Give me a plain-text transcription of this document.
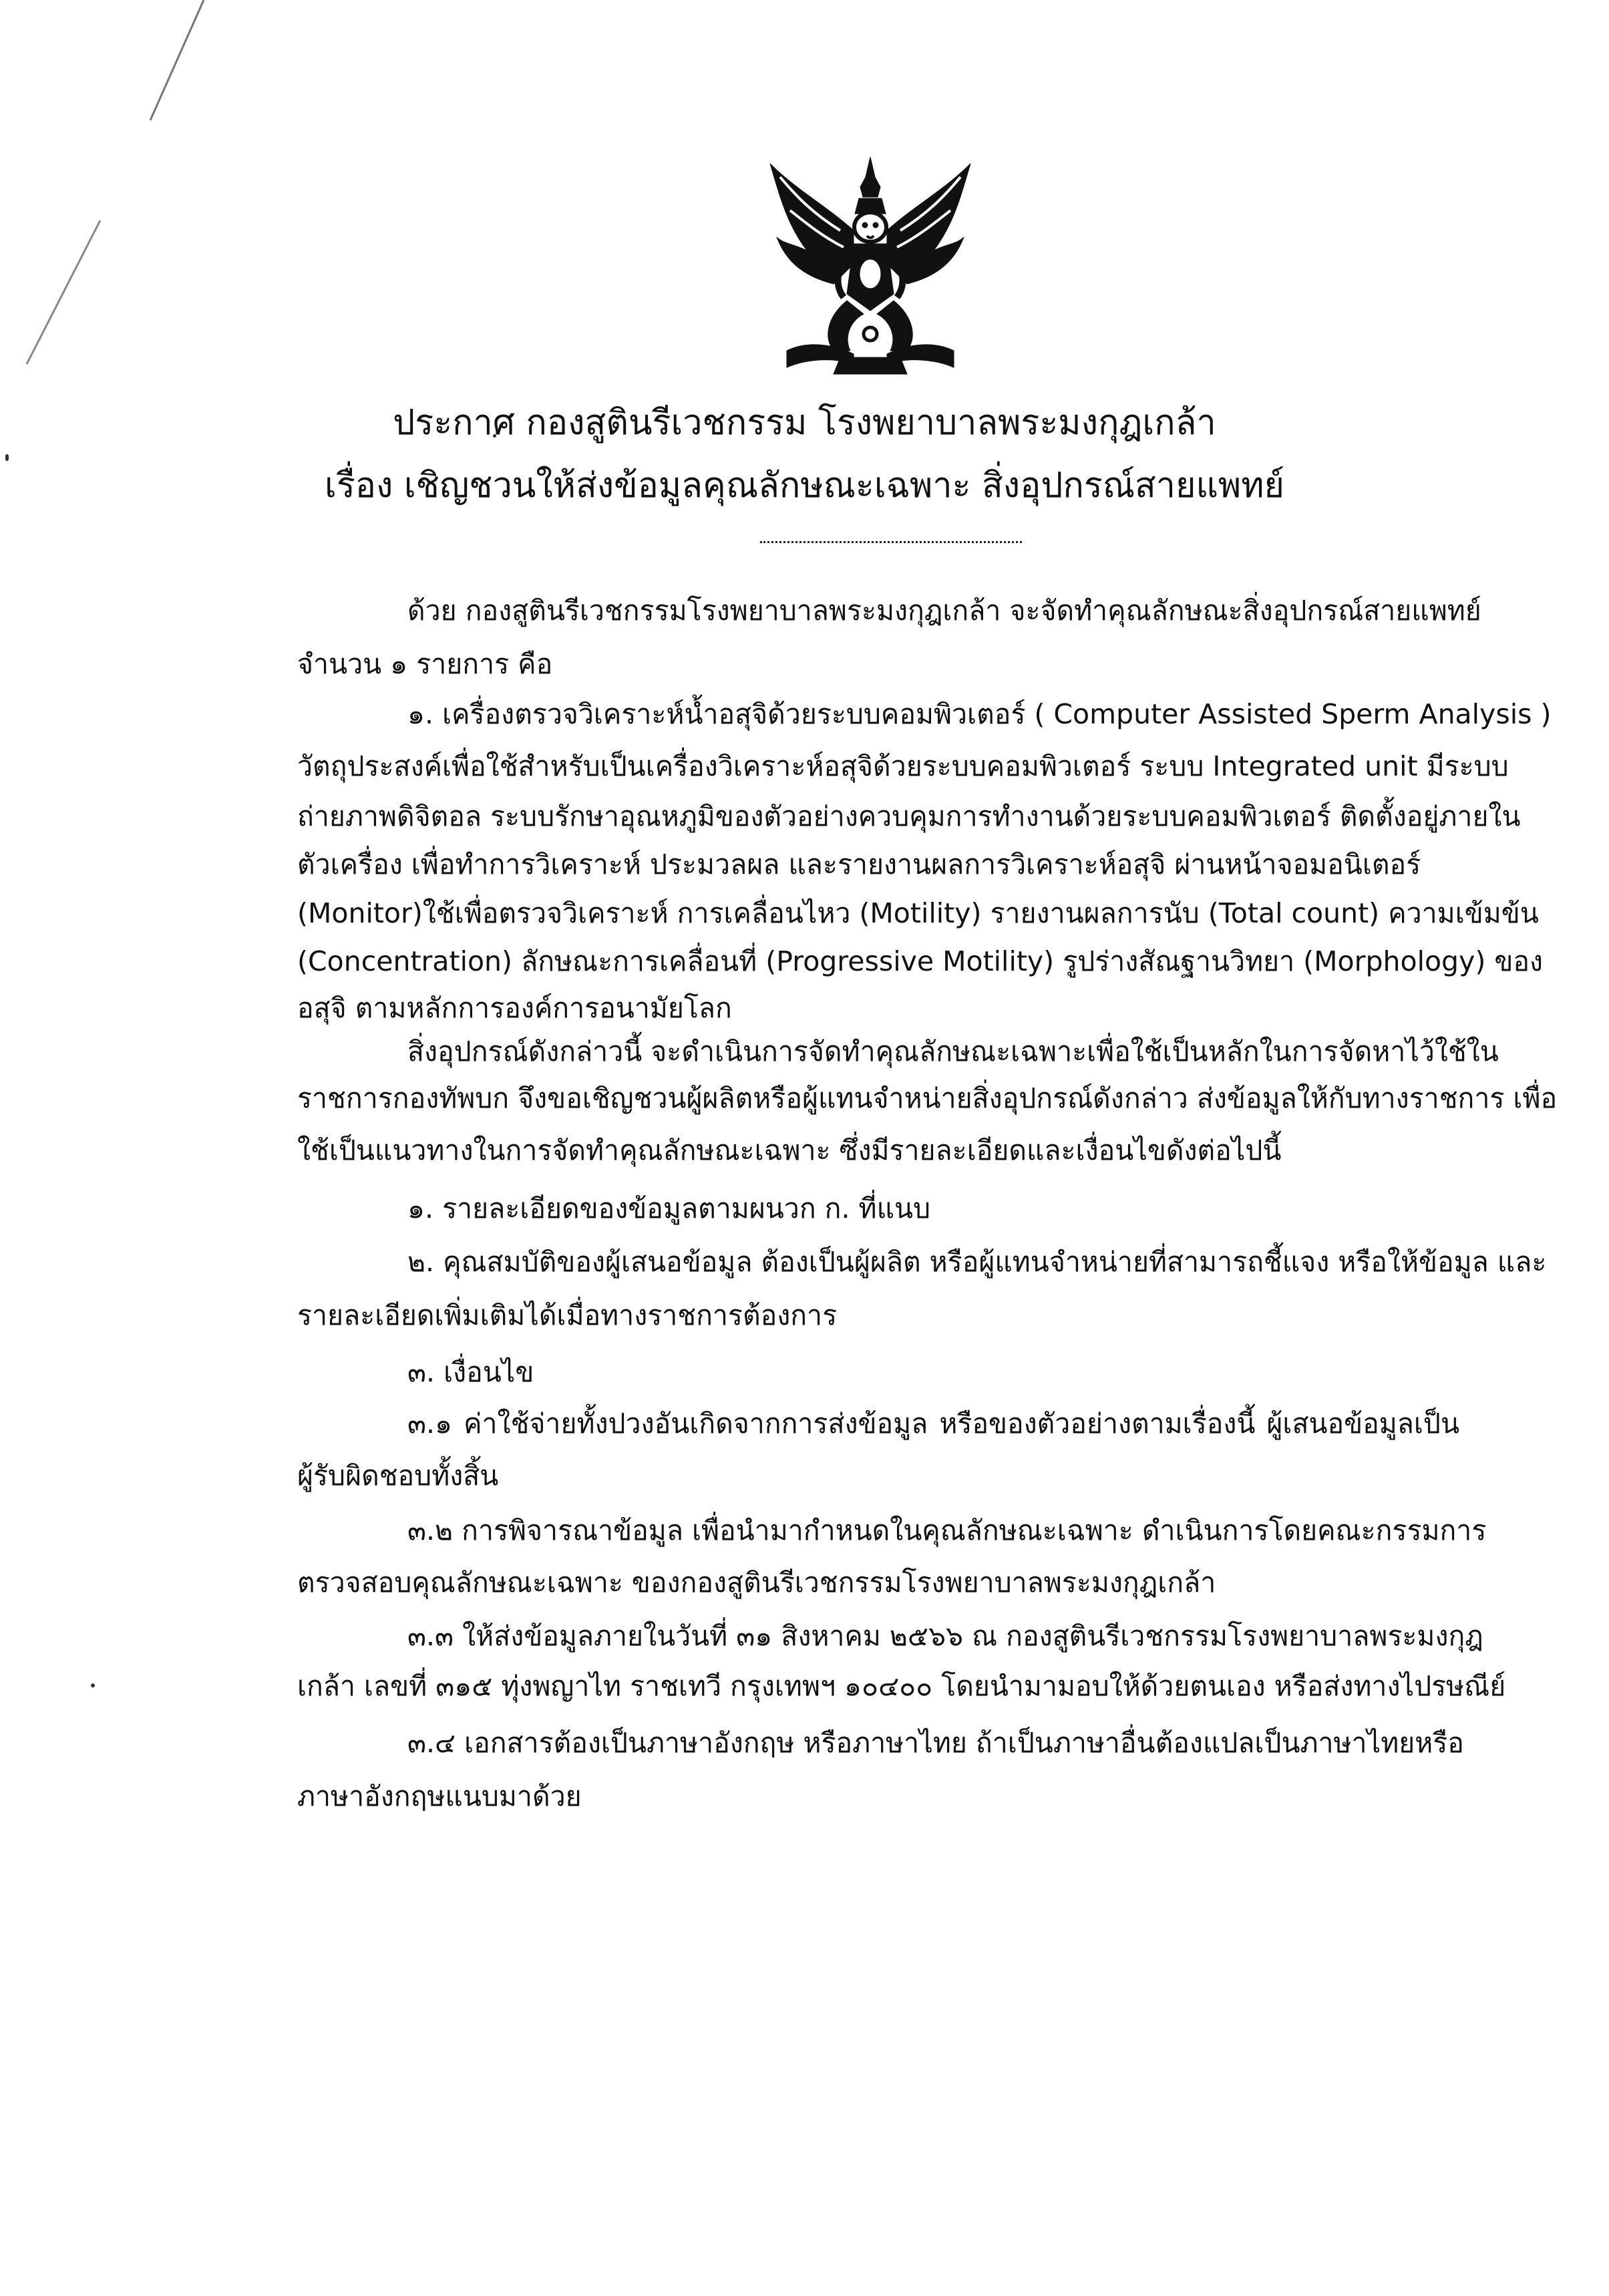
ประกาศ กองสูตินรีเวชกรรม โรงพยาบาลพระมงกุฎเกล้า
เรื่อง เชิญชวนให้ส่งข้อมูลคุณลักษณะเฉพาะ สิ่งอุปกรณ์สายแพทย์
ด้วย กองสูตินรีเวชกรรมโรงพยาบาลพระมงกุฎเกล้า จะจัดทำคุณลักษณะสิ่งอุปกรณ์สายแพทย์
จำนวน ๑ รายการ คือ
๑. เครื่องตรวจวิเคราะห์น้ำอสุจิด้วยระบบคอมพิวเตอร์ ( Computer Assisted Sperm Analysis )
วัตถุประสงค์เพื่อใช้สำหรับเป็นเครื่องวิเคราะห์อสุจิด้วยระบบคอมพิวเตอร์ ระบบ Integrated unit มีระบบ
ถ่ายภาพดิจิตอล ระบบรักษาอุณหภูมิของตัวอย่างควบคุมการทำงานด้วยระบบคอมพิวเตอร์ ติดตั้งอยู่ภายใน
ตัวเครื่อง เพื่อทำการวิเคราะห์ ประมวลผล และรายงานผลการวิเคราะห์อสุจิ ผ่านหน้าจอมอนิเตอร์
(Monitor)ใช้เพื่อตรวจวิเคราะห์ การเคลื่อนไหว (Motility) รายงานผลการนับ (Total count) ความเข้มข้น
(Concentration) ลักษณะการเคลื่อนที่ (Progressive Motility) รูปร่างสัณฐานวิทยา (Morphology) ของ
อสุจิ ตามหลักการองค์การอนามัยโลก
สิ่งอุปกรณ์ดังกล่าวนี้ จะดำเนินการจัดทำคุณลักษณะเฉพาะเพื่อใช้เป็นหลักในการจัดหาไว้ใช้ใน
ราชการกองทัพบก จึงขอเชิญชวนผู้ผลิตหรือผู้แทนจำหน่ายสิ่งอุปกรณ์ดังกล่าว ส่งข้อมูลให้กับทางราชการ เพื่อ
ใช้เป็นแนวทางในการจัดทำคุณลักษณะเฉพาะ ซึ่งมีรายละเอียดและเงื่อนไขดังต่อไปนี้
๑. รายละเอียดของข้อมูลตามผนวก ก. ที่แนบ
๒. คุณสมบัติของผู้เสนอข้อมูล ต้องเป็นผู้ผลิต หรือผู้แทนจำหน่ายที่สามารถชี้แจง หรือให้ข้อมูล และ
รายละเอียดเพิ่มเติมได้เมื่อทางราชการต้องการ
๓. เงื่อนไข
๓.๑ ค่าใช้จ่ายทั้งปวงอันเกิดจากการส่งข้อมูล หรือของตัวอย่างตามเรื่องนี้ ผู้เสนอข้อมูลเป็น
ผู้รับผิดชอบทั้งสิ้น
๓.๒ การพิจารณาข้อมูล เพื่อนำมากำหนดในคุณลักษณะเฉพาะ ดำเนินการโดยคณะกรรมการ
ตรวจสอบคุณลักษณะเฉพาะ ของกองสูตินรีเวชกรรมโรงพยาบาลพระมงกุฎเกล้า
๓.๓ ให้ส่งข้อมูลภายในวันที่ ๓๑ สิงหาคม ๒๕๖๖ ณ กองสูตินรีเวชกรรมโรงพยาบาลพระมงกุฎ
เกล้า เลขที่ ๓๑๕ ทุ่งพญาไท ราชเทวี กรุงเทพฯ ๑๐๔๐๐ โดยนำมามอบให้ด้วยตนเอง หรือส่งทางไปรษณีย์
๓.๔ เอกสารต้องเป็นภาษาอังกฤษ หรือภาษาไทย ถ้าเป็นภาษาอื่นต้องแปลเป็นภาษาไทยหรือ
ภาษาอังกฤษแนบมาด้วย
